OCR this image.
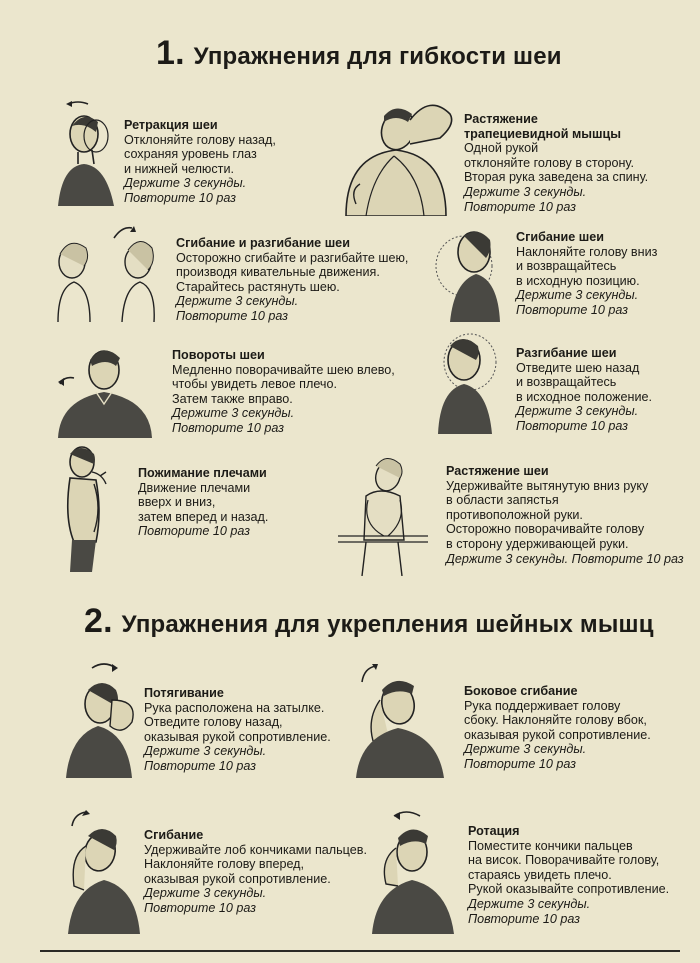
1. Упражнения для гибкости шеи
Ретракция шеи
Отклоняйте голову назад,
сохраняя уровень глаз
и нижней челюсти.
Держите 3 секунды.
Повторите 10 раз
Растяжение
трапециевидной мышцы
Одной рукой
отклоняйте голову в сторону.
Вторая рука заведена за спину.
Держите 3 секунды.
Повторите 10 раз
Сгибание и разгибание шеи
Осторожно сгибайте и разгибайте шею,
производя кивательные движения.
Старайтесь растянуть шею.
Держите 3 секунды.
Повторите 10 раз
Сгибание шеи
Наклоняйте голову вниз
и возвращайтесь
в исходную позицию.
Держите 3 секунды.
Повторите 10 раз
Повороты шеи
Медленно поворачивайте шею влево,
чтобы увидеть левое плечо.
Затем также вправо.
Держите 3 секунды.
Повторите 10 раз
Разгибание шеи
Отведите шею назад
и возвращайтесь
в исходное положение.
Держите 3 секунды.
Повторите 10 раз
Пожимание плечами
Движение плечами
вверх и вниз,
затем вперед и назад.
Повторите 10 раз
Растяжение шеи
Удерживайте вытянутую вниз руку
в области запястья
противоположной руки.
Осторожно поворачивайте голову
в сторону удерживающей руки.
Держите 3 секунды. Повторите 10 раз
2. Упражнения для укрепления шейных мышц
Потягивание
Рука расположена на затылке.
Отведите голову назад,
оказывая рукой сопротивление.
Держите 3 секунды.
Повторите 10 раз
Боковое сгибание
Рука поддерживает голову
сбоку. Наклоняйте голову вбок,
оказывая рукой сопротивление.
Держите 3 секунды.
Повторите 10 раз
Сгибание
Удерживайте лоб кончиками пальцев.
Наклоняйте голову вперед,
оказывая рукой сопротивление.
Держите 3 секунды.
Повторите 10 раз
Ротация
Поместите кончики пальцев
на висок. Поворачивайте голову,
стараясь увидеть плечо.
Рукой оказывайте сопротивление.
Держите 3 секунды.
Повторите 10 раз
